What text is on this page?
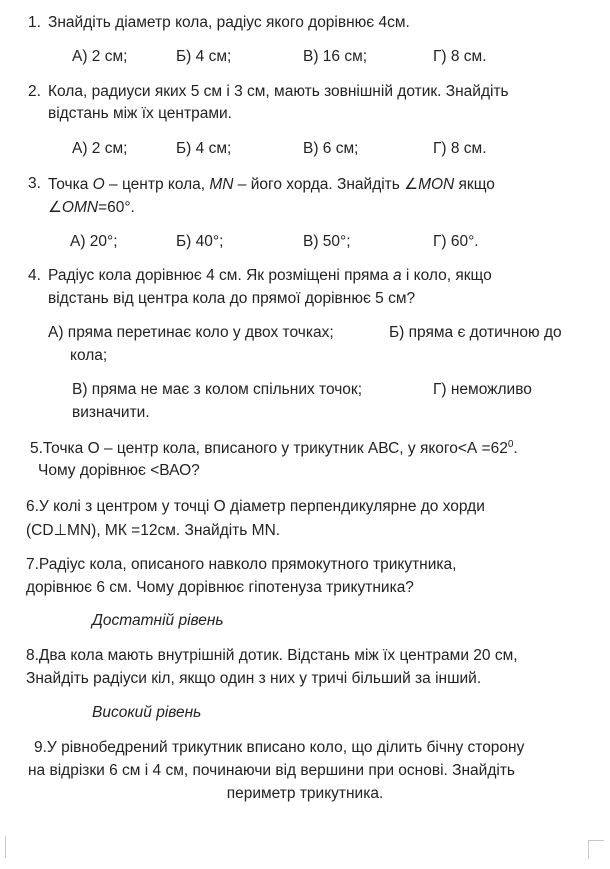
1. Знайдіть діаметр кола, радіус якого дорівнює 4см.
А) 2 см;	Б) 4 см;	В) 16 см;	Г) 8 см.
2. Кола, радиуси яких 5 см і 3 см, мають зовнішній дотик. Знайдіть
відстань між їх центрами.
А) 2 см;	Б) 4 см;	В) 6 см;	Г) 8 см.
3. Точка O – центр кола, MN – його хорда. Знайдіть ∠MON якщо
∠OMN=60°.
А) 20°;	Б) 40°;	В) 50°;	Г) 60°.
4. Радіус кола дорівнює 4 см. Як розміщені пряма а і коло, якщо
відстань від центра кола до прямої дорівнює 5 см?
А) пряма перетинає коло у двох точках;	Б) пряма є дотичною до
кола;
В) пряма не має з колом спільних точок;	Г) неможливо
визначити.
5.Точка О – центр кола, вписаного у трикутник АВС, у якого<А $=62^0$.
Чому дорівнює <ВАО?
6.У колі з центром у точці О діаметр перпендикулярне до хорди
(CD⊥MN), МК =12см. Знайдіть MN.
7.Радіус кола, описаного навколо прямокутного трикутника,
дорівнює 6 см. Чому дорівнює гіпотенуза трикутника?
Достатній рівень
8.Два кола мають внутрішній дотик. Відстань між їх центрами 20 см,
Знайдіть радіуси кіл, якщо один з них у тричі більший за інший.
Високий рівень
9.У рівнобедрений трикутник вписано коло, що ділить бічну сторону
на відрізки 6 см і 4 см, починаючи від вершини при основі. Знайдіть
периметр трикутника.
